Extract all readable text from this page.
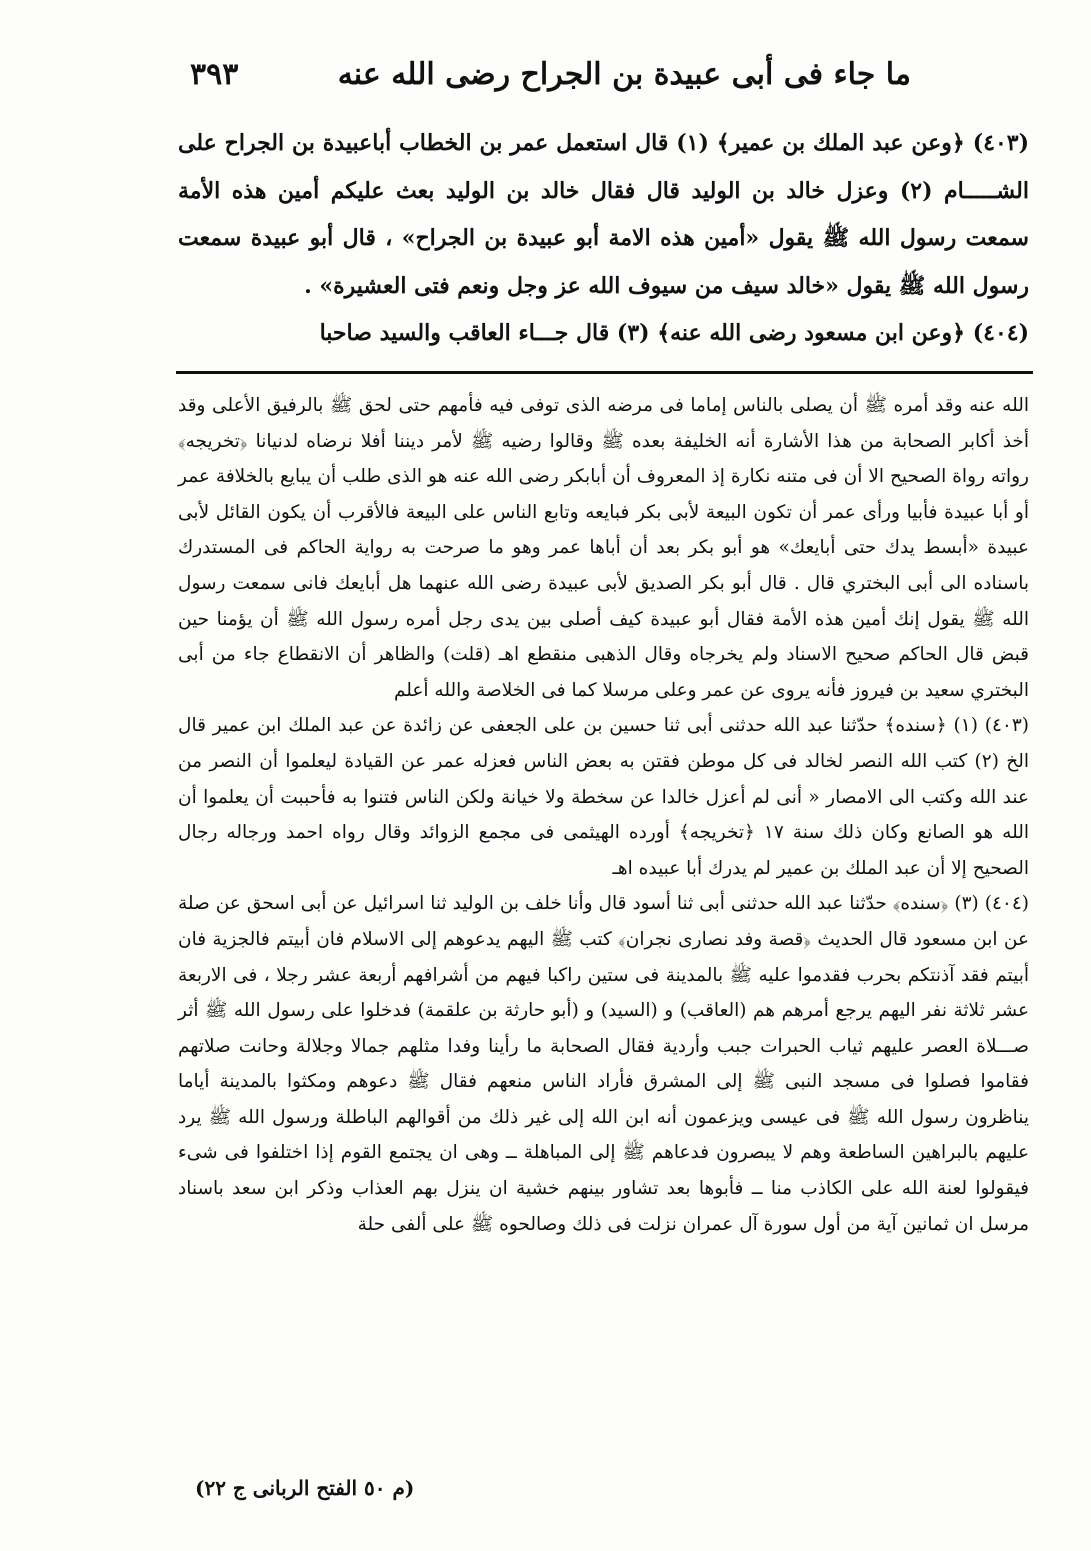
ما جاء فى أبى عبيدة بن الجراح رضى الله عنه
٣٩٣

(٤٠٣) ﴿وعن عبد الملك بن عمير﴾ (١) قال استعمل عمر بن الخطاب أباعبيدة بن الجراح على الشـــــام (٢) وعزل خالد بن الوليد قال فقال خالد بن الوليد بعث عليكم أمين هذه الأمة سمعت رسول الله ﷺ يقول «أمين هذه الامة أبو عبيدة بن الجراح» ، قال أبو عبيدة سمعت رسول الله ﷺ يقول «خالد سيف من سيوف الله عز وجل ونعم فتى العشيرة» .

(٤٠٤) ﴿وعن ابن مسعود رضى الله عنه﴾ (٣) قال جـــاء العاقب والسيد صاحبا

الله عنه وقد أمره ﷺ أن يصلى بالناس إماما فى مرضه الذى توفى فيه فأمهم حتى لحق ﷺ بالرفيق الأعلى وقد أخذ أكابر الصحابة من هذا الأشارة أنه الخليفة بعده ﷺ وقالوا رضيه ﷺ لأمر ديننا أفلا نرضاه لدنيانا ﴿تخريجه﴾ رواته رواة الصحيح الا أن فى متنه نكارة إذ المعروف أن أبابكر رضى الله عنه هو الذى طلب أن يبايع بالخلافة عمر أو أبا عبيدة فأبيا ورأى عمر أن تكون البيعة لأبى بكر فبايعه وتابع الناس على البيعة فالأقرب أن يكون القائل لأبى عبيدة «أبسط يدك حتى أبايعك» هو أبو بكر بعد أن أباها عمر وهو ما صرحت به رواية الحاكم فى المستدرك باسناده الى أبى البختري قال . قال أبو بكر الصديق لأبى عبيدة رضى الله عنهما هل أبايعك فانى سمعت رسول الله ﷺ يقول إنك أمين هذه الأمة فقال أبو عبيدة كيف أصلى بين يدى رجل أمره رسول الله ﷺ أن يؤمنا حين قبض قال الحاكم صحيح الاسناد ولم يخرجاه وقال الذهبى منقطع اهـ (قلت) والظاهر أن الانقطاع جاء من أبى البختري سعيد بن فيروز فأنه يروى عن عمر وعلى مرسلا كما فى الخلاصة والله أعلم

(٤٠٣) (١) ﴿سنده﴾ حدّثنا عبد الله حدثنى أبى ثنا حسين بن على الجعفى عن زائدة عن عبد الملك ابن عمير قال الخ (٢) كتب الله النصر لخالد فى كل موطن فقتن به بعض الناس فعزله عمر عن القيادة ليعلموا أن النصر من عند الله وكتب الى الامصار « أنى لم أعزل خالدا عن سخطة ولا خيانة ولكن الناس فتنوا به فأحببت أن يعلموا أن الله هو الصانع وكان ذلك سنة ١٧ ﴿تخريجه﴾ أورده الهيثمى فى مجمع الزوائد وقال رواه احمد ورجاله رجال الصحيح إلا أن عبد الملك بن عمير لم يدرك أبا عبيده اهـ

(٤٠٤) (٣) ﴿سنده﴾ حدّثنا عبد الله حدثنى أبى ثنا أسود قال وأنا خلف بن الوليد ثنا اسرائيل عن أبى اسحق عن صلة عن ابن مسعود قال الحديث ﴿قصة وفد نصارى نجران﴾ كتب ﷺ اليهم يدعوهم إلى الاسلام فان أبيتم فالجزية فان أبيتم فقد آذنتكم بحرب فقدموا عليه ﷺ بالمدينة فى ستين راكبا فيهم من أشرافهم أربعة عشر رجلا ، فى الاربعة عشر ثلاثة نفر اليهم يرجع أمرهم هم (العاقب) و (السيد) و (أبو حارثة بن علقمة) فدخلوا على رسول الله ﷺ أثر صـــلاة العصر عليهم ثياب الحبرات جبب وأردية فقال الصحابة ما رأينا وفدا مثلهم جمالا وجلالة وحانت صلاتهم فقاموا فصلوا فى مسجد النبى ﷺ إلى المشرق فأراد الناس منعهم فقال ﷺ دعوهم ومكثوا بالمدينة أياما يناظرون رسول الله ﷺ فى عيسى ويزعمون أنه ابن الله إلى غير ذلك من أقوالهم الباطلة ورسول الله ﷺ يرد عليهم بالبراهين الساطعة وهم لا يبصرون فدعاهم ﷺ إلى المباهلة ــ وهى ان يجتمع القوم إذا اختلفوا فى شىء فيقولوا لعنة الله على الكاذب منا ــ فأبوها بعد تشاور بينهم خشية ان ينزل بهم العذاب وذكر ابن سعد باسناد مرسل ان ثمانين آية من أول سورة آل عمران نزلت فى ذلك وصالحوه ﷺ على ألفى حلة

(م ٥٠ الفتح الربانى ج ٢٢)
